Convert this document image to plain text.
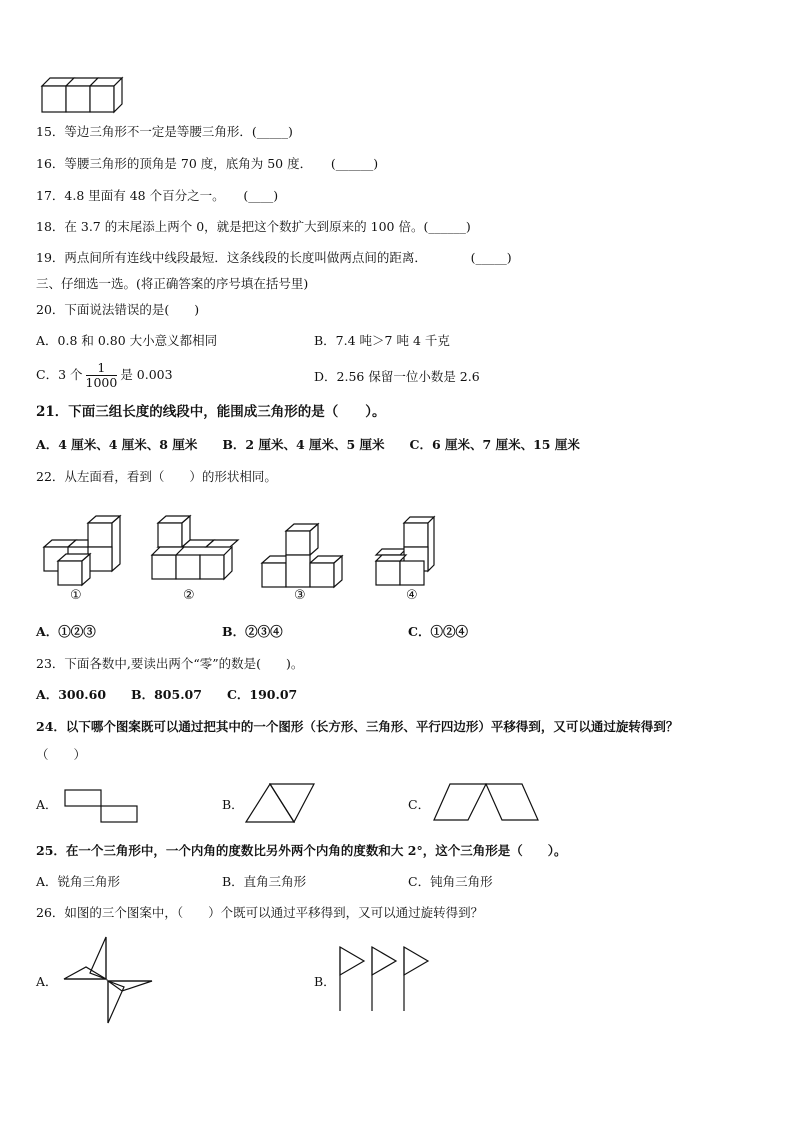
15．等边三角形不一定是等腰三角形．(_____)
16．等腰三角形的顶角是 70 度，底角为 50 度．　　(______)
17．4.8 里面有 48 个百分之一。　　(____)
18．在 3.7 的末尾添上两个 0，就是把这个数扩大到原来的 100 倍。(______)
19．两点间所有连线中线段最短．这条线段的长度叫做两点间的距离．　　　　(_____)
三、仔细选一选。(将正确答案的序号填在括号里)
20．下面说法错误的是(　　)
A．0.8 和 0.80 大小意义都相同	B．7.4 吨＞7 吨 4 千克
C．3 个 $\frac{1}{1000}$ 是 0.003	D．2.56 保留一位小数是 2.6
21．下面三组长度的线段中，能围成三角形的是（　　）。
A．4 厘米、4 厘米、8 厘米　　B．2 厘米、4 厘米、5 厘米　　C．6 厘米、7 厘米、15 厘米
22．从左面看，看到（　　）的形状相同。
①	②	③	④
A．①②③	B．②③④	C．①②④
23．下面各数中,要读出两个“零”的数是(　　)。
A．300.60　　B．805.07　　C．190.07
24．以下哪个图案既可以通过把其中的一个图形（长方形、三角形、平行四边形）平移得到，又可以通过旋转得到？
（　　）
A．	B．	C．
25．在一个三角形中，一个内角的度数比另外两个内角的度数和大 2°，这个三角形是（　　）。
A．锐角三角形	B．直角三角形	C．钝角三角形
26．如图的三个图案中，（　　）个既可以通过平移得到，又可以通过旋转得到？
A．	B．
